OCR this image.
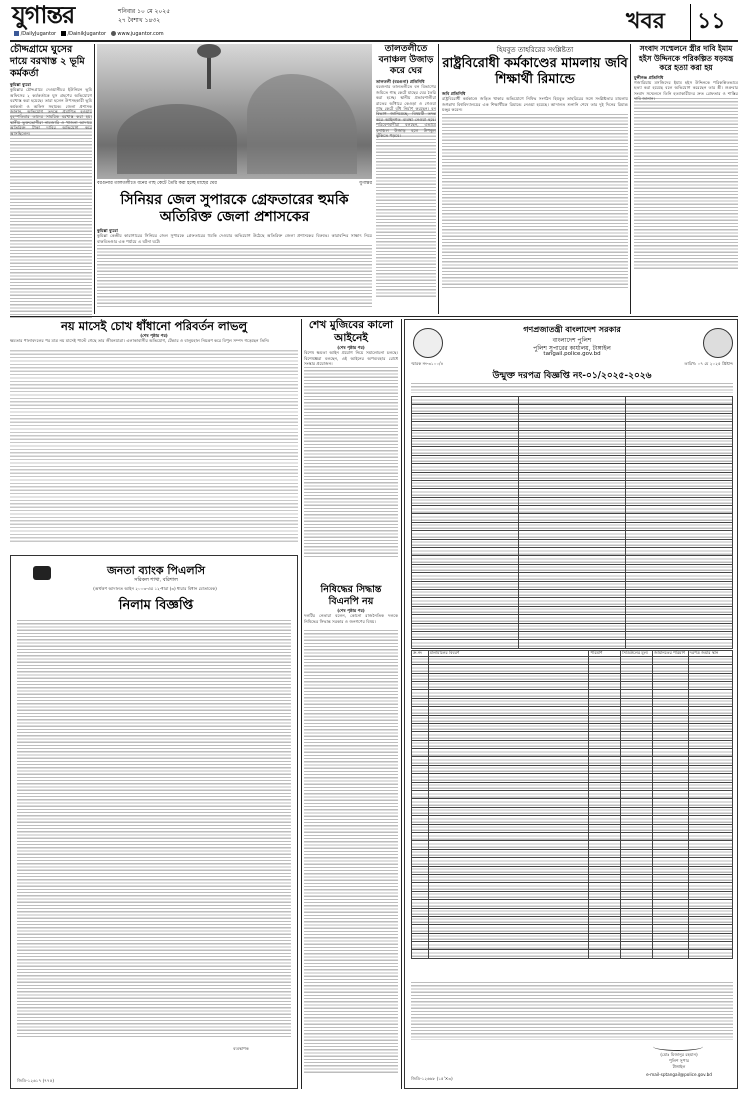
যুগান্তর	শনিবার ১০ মে ২০২৫
২৭ বৈশাখ ১৪৩২
/DailyJugantor /DainikJugantor www.jugantor.com	খবর	১১
চৌদ্দগ্রামে ঘুসের দায়ে বরখাস্ত ২ ভূমি কর্মকর্তা
কুমিল্লা ব্যুরো
কুমিল্লার চৌদ্দগ্রামে দেওয়ানীচর ইউনিয়ন ভূমি অফিসের ২ কর্মকর্তাকে ঘুস গ্রহণের অভিযোগে বরখাস্ত করা হয়েছে। তারা হলেন উপসহকারী ভূমি কর্মকর্তা ও অফিস সহায়ক। জেলা প্রশাসক জানান, অভিযোগ তদন্তে প্রমাণিত হওয়ায় বৃহস্পতিবার তাদের সাময়িক বরখাস্ত করা হয়। স্থানীয় ভুক্তভোগীরা নামজারি ও খাজনা আদায়ে অতিরিক্ত টাকা দাবির অভিযোগ করে আসছিলেন।
বরগুনার তালতলীতে বনের গাছ কেটে তৈরি করা হচ্ছে মাছের ঘের	যুগান্তর
তালতলীতে বনাঞ্চল উজাড় করে ঘের
তালতলী (বরগুনা) প্রতিনিধি
বরগুনার তালতলীতে বন বিভাগের জমিতে গাছ কেটে মাছের ঘের তৈরি করা হচ্ছে। স্থানীয় প্রভাবশালীরা রাতের আঁধারে কেওড়া ও গেওয়া গাছ কেটে বাঁধ নির্মাণ করছেন। বন বিভাগ জানিয়েছে, বিষয়টি তদন্ত করে আইনগত ব্যবস্থা নেওয়া হবে। পরিবেশবাদীরা বলছেন, এভাবে বনাঞ্চল উজাড় হলে উপকূল ঝুঁকিতে পড়বে।
হিযবুত তাহরিরের সংশ্লিষ্টতা
রাষ্ট্রবিরোধী কর্মকাণ্ডের মামলায় জবি শিক্ষার্থী রিমান্ডে
জবি প্রতিনিধি
রাষ্ট্রবিরোধী কর্মকাণ্ডে জড়িত থাকার অভিযোগে নিষিদ্ধ সংগঠন হিযবুত তাহরিরের সঙ্গে সংশ্লিষ্টতার মামলায় জগন্নাথ বিশ্ববিদ্যালয়ের এক শিক্ষার্থীকে রিমান্ডে নেওয়া হয়েছে। আদালত শুনানি শেষে তার দুই দিনের রিমান্ড মঞ্জুর করেন।
সংবাদ সম্মেলনে স্ত্রীর দাবি ইমাম হইস উদ্দিনকে পরিকল্পিত ষড়যন্ত্র করে হত্যা করা হয়
মুন্সীগঞ্জ প্রতিনিধি
গজারিয়ায় মসজিদের ইমাম হইস উদ্দিনকে পরিকল্পিতভাবে হত্যা করা হয়েছে বলে অভিযোগ করেছেন তার স্ত্রী। শুক্রবার সংবাদ সম্মেলনে তিনি হত্যাকারীদের দ্রুত গ্রেফতার ও শাস্তির দাবি জানান।
সিনিয়র জেল সুপারকে গ্রেফতারের হুমকি অতিরিক্ত জেলা প্রশাসকের
কুমিল্লা ব্যুরো
কুমিল্লা কেন্দ্রীয় কারাগারের সিনিয়র জেল সুপারকে গ্রেফতারের হুমকি দেওয়ার অভিযোগ উঠেছে অতিরিক্ত জেলা প্রশাসকের বিরুদ্ধে। কারাবন্দির সাক্ষাৎ নিয়ে বাকবিতণ্ডার এক পর্যায়ে এ ঘটনা ঘটে।
নয় মাসেই চোখ ধাঁধানো পরিবর্তন লাভলু
(শেষ পৃষ্ঠার পর)
ক্ষমতার পালাবদলের পর মাত্র নয় মাসেই পাল্টে গেছে তার জীবনযাত্রা। এলাকাবাসীর অভিযোগ, টেন্ডার ও বালুমহাল নিয়ন্ত্রণ করে বিপুল সম্পদ গড়েছেন তিনি।
শেখ মুজিবের কালো আইনেই
(শেষ পৃষ্ঠার পর)
বিশেষ ক্ষমতা আইন প্রয়োগ নিয়ে সমালোচনা চলছে। বিশেষজ্ঞরা বলছেন, এই আইনের অপব্যবহার রোধে সংস্কার প্রয়োজন।
নিষিদ্ধের সিদ্ধান্ত বিএনপি নয়
(শেষ পৃষ্ঠার পর)
দলটির নেতারা বলেন, কোনো রাজনৈতিক দলকে নিষিদ্ধের সিদ্ধান্ত সরকার ও জনগণের বিষয়।
জনতা ব্যাংক পিএলসি
সরিকল শাখা, বরিশাল
(অর্থঋণ আদালত আইন ২০০৩-এর ১২-ধারা (৩) ধারার বিধান মোতাবেক)
নিলাম বিজ্ঞপ্তি
ব্যবস্থাপক
জিডি-১২৬১৭ (৭৭৫)
গণপ্রজাতন্ত্রী বাংলাদেশ সরকার
বাংলাদেশ পুলিশ
পুলিশ সুপারের কার্যালয়, টাঙ্গাইল
tangail.police.gov.bd
স্মারক নং-৩১০০/৪	তারিখ: ০৭ মে ২০২৫ খ্রিষ্টাব্দ
উন্মুক্ত দরপত্র বিজ্ঞপ্তি নং-০১/২০২৫-২০২৬

ক্র.নং	মালামালের বিবরণ	পরিমাণ	সিডিউলের মূল্য	জামানতের পরিমাণ	দরপত্র জমার স্থান

(মোঃ মিজানুর রহমান)
পুলিশ সুপার
টাঙ্গাইল
e-mail-sptangail@police.gov.bd
জিডি-১২৬৬৮ (১৫'×৩)
